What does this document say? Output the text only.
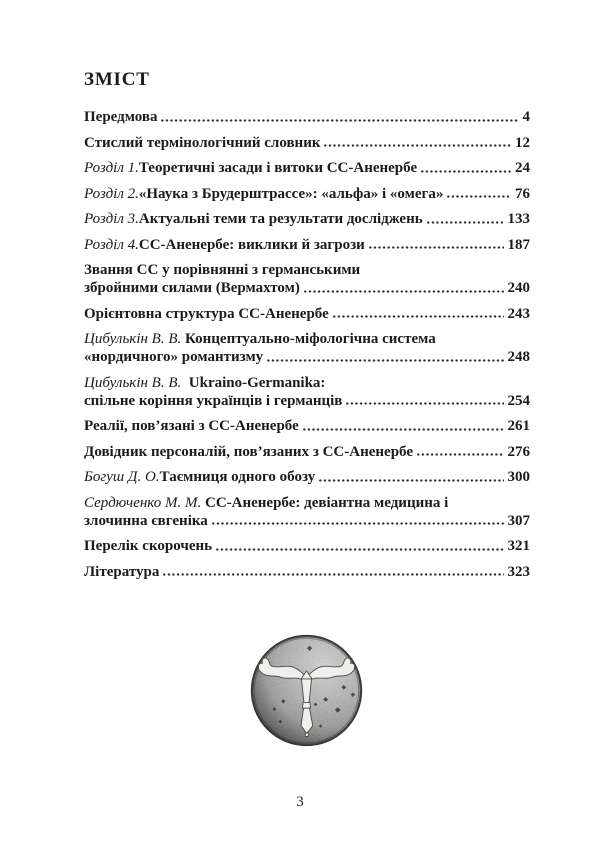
ЗМІСТ
Передмова	4
Стислий термінологічний словник	12
Розділ 1. Теоретичні засади і витоки СС-Аненербе	24
Розділ 2. «Наука з Брудерштрассе»: «альфа» і «омега»	76
Розділ 3. Актуальні теми та результати досліджень	133
Розділ 4. СС-Аненербе: виклики й загрози	187
Звання СС у порівнянні з германськими
збройними силами (Вермахтом)	240
Орієнтовна структура СС-Аненербе	243
Цибулькін В. В. Концептуально-міфологічна система
«нордичного» романтизму	248
Цибулькін В. В.  Ukraino-Germanika:
спільне коріння українців і германців	254
Реалії, пов’язані з СС-Аненербе	261
Довідник персоналій, пов’язаних з СС-Аненербе	276
Богуш Д. О. Таємниця одного обозу	300
Сердюченко М. М. СС-Аненербе: девіантна медицина і
злочинна євгеніка	307
Перелік скорочень	321
Література	323
3
